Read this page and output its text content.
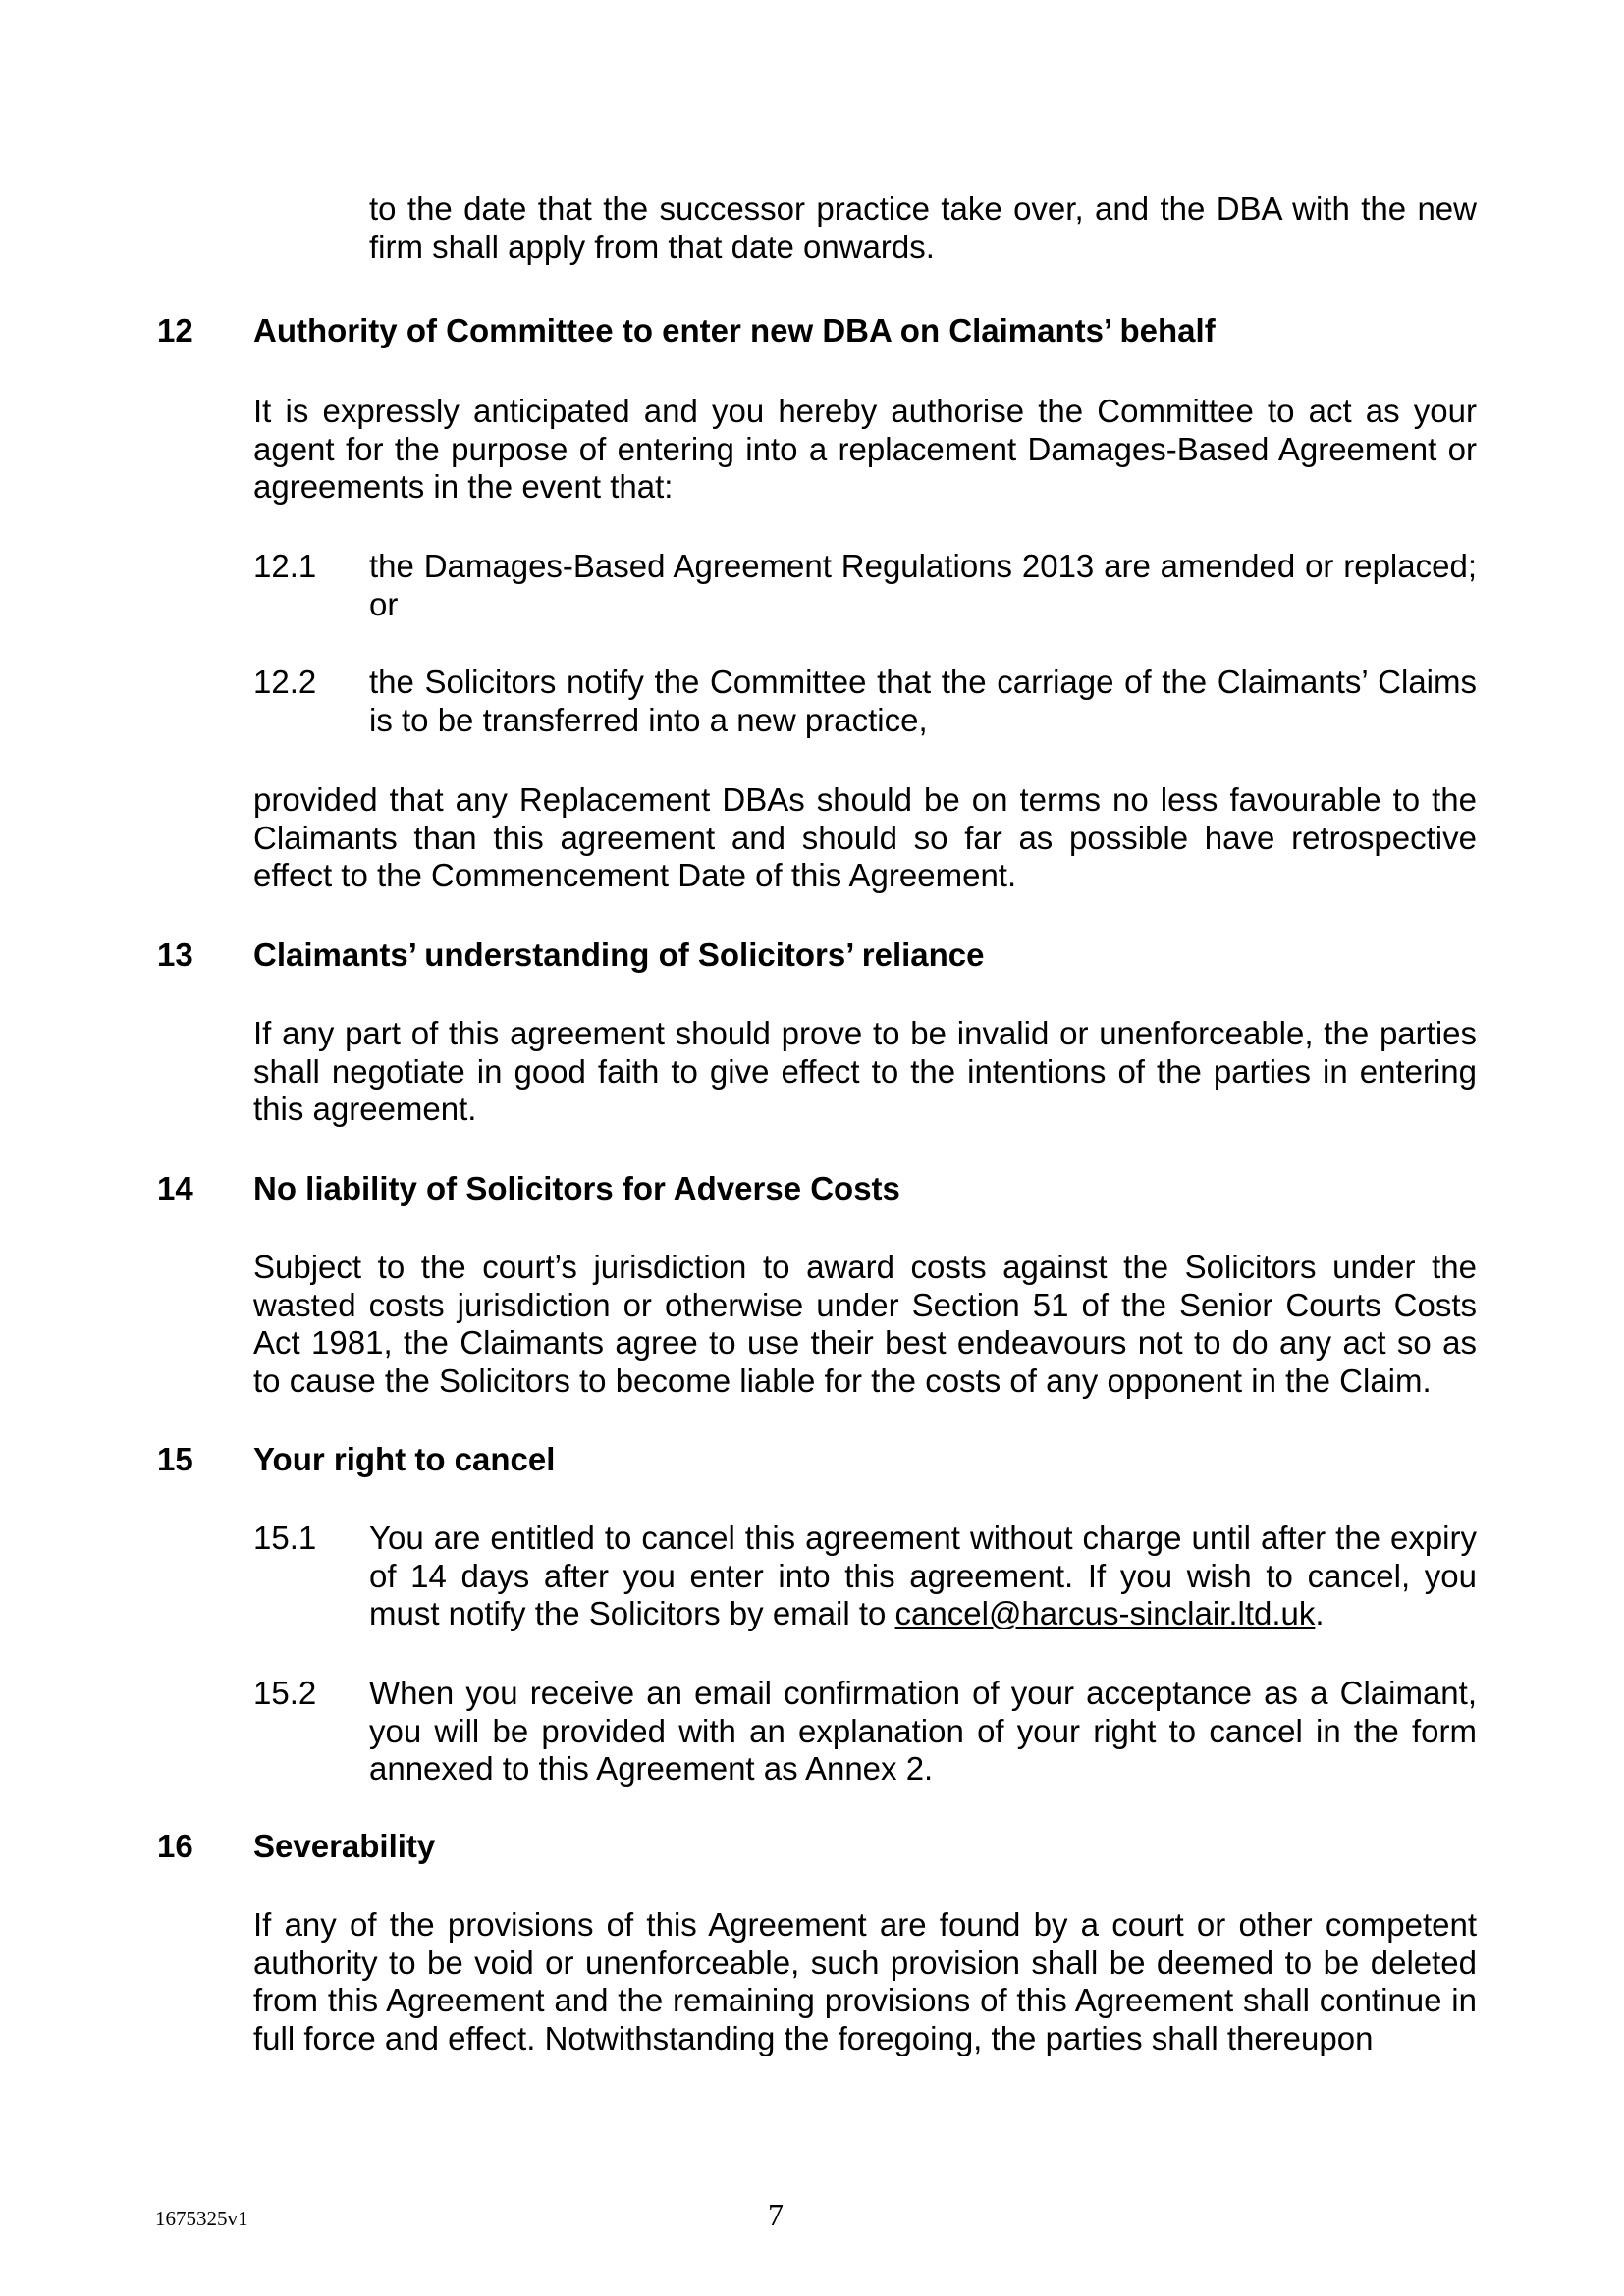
to the date that the successor practice take over, and the DBA with the new firm shall apply from that date onwards.
12 Authority of Committee to enter new DBA on Claimants’ behalf
It is expressly anticipated and you hereby authorise the Committee to act as your agent for the purpose of entering into a replacement Damages-Based Agreement or agreements in the event that:
12.1 the Damages-Based Agreement Regulations 2013 are amended or replaced; or
12.2 the Solicitors notify the Committee that the carriage of the Claimants’ Claims is to be transferred into a new practice,
provided that any Replacement DBAs should be on terms no less favourable to the Claimants than this agreement and should so far as possible have retrospective effect to the Commencement Date of this Agreement.
13 Claimants’ understanding of Solicitors’ reliance
If any part of this agreement should prove to be invalid or unenforceable, the parties shall negotiate in good faith to give effect to the intentions of the parties in entering this agreement.
14 No liability of Solicitors for Adverse Costs
Subject to the court’s jurisdiction to award costs against the Solicitors under the wasted costs jurisdiction or otherwise under Section 51 of the Senior Courts Costs Act 1981, the Claimants agree to use their best endeavours not to do any act so as to cause the Solicitors to become liable for the costs of any opponent in the Claim.
15 Your right to cancel
15.1 You are entitled to cancel this agreement without charge until after the expiry of 14 days after you enter into this agreement. If you wish to cancel, you must notify the Solicitors by email to cancel@harcus-sinclair.ltd.uk.
15.2 When you receive an email confirmation of your acceptance as a Claimant, you will be provided with an explanation of your right to cancel in the form annexed to this Agreement as Annex 2.
16 Severability
If any of the provisions of this Agreement are found by a court or other competent authority to be void or unenforceable, such provision shall be deemed to be deleted from this Agreement and the remaining provisions of this Agreement shall continue in full force and effect. Notwithstanding the foregoing, the parties shall thereupon
1675325v1	7
